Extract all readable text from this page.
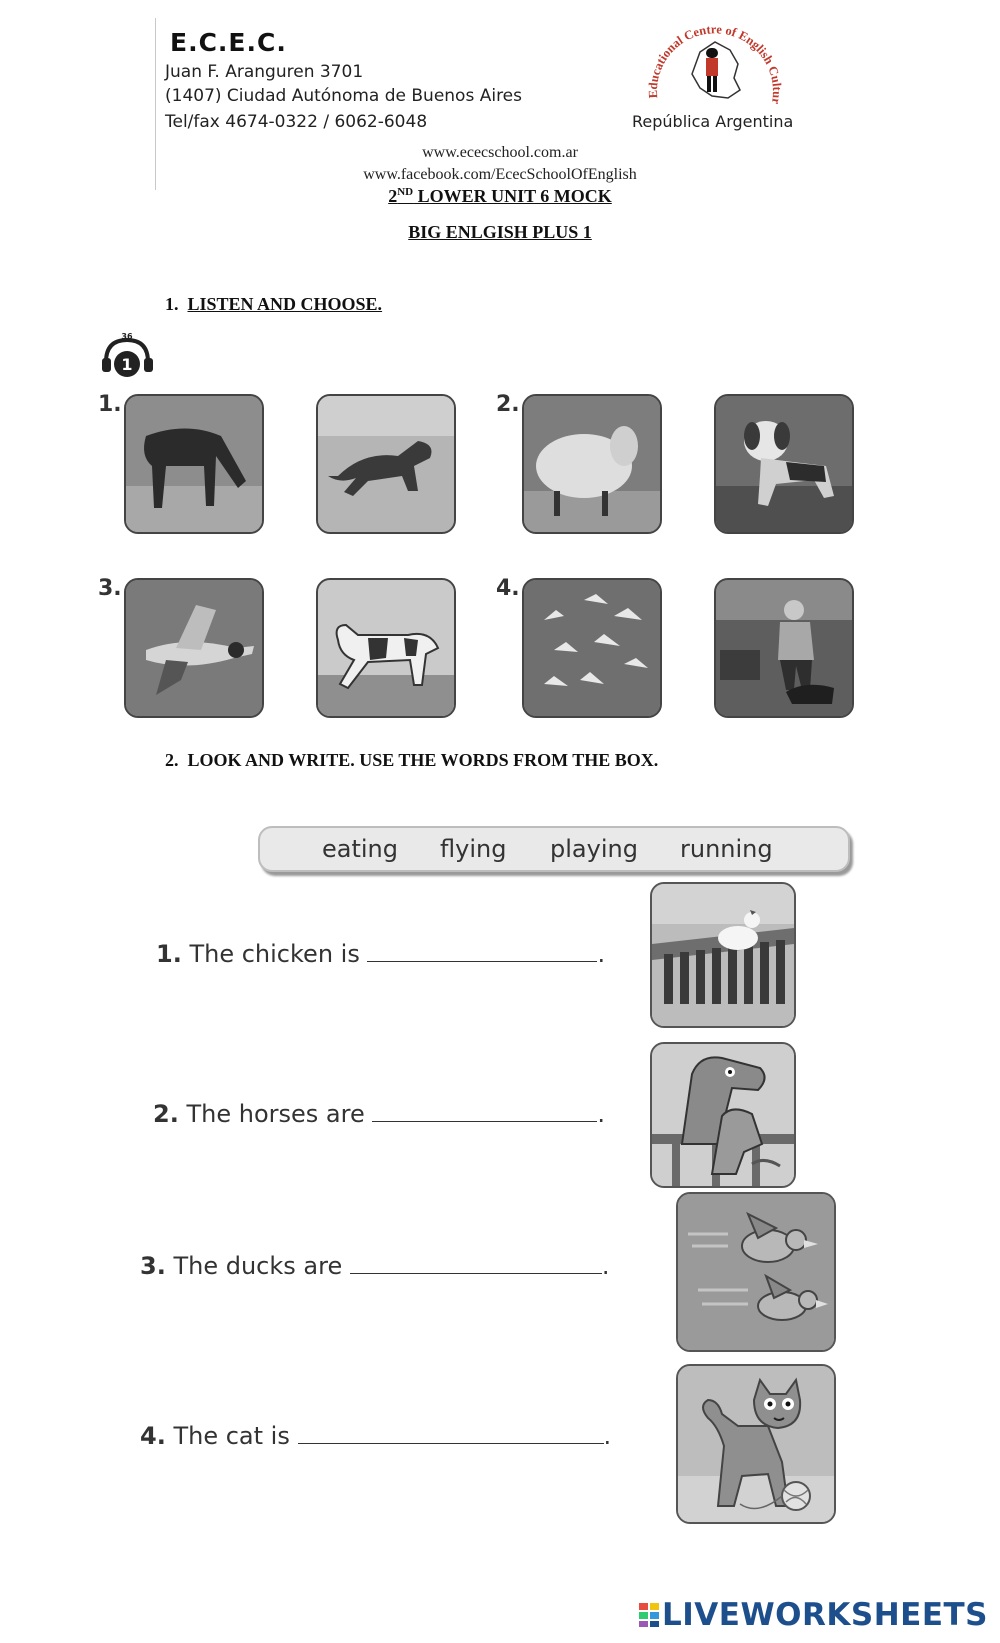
E.C.E.C.
Juan F. Aranguren 3701
(1407) Ciudad Autónoma de Buenos Aires
Tel/fax 4674-0322 / 6062-6048
www.ececschool.com.ar
www.facebook.com/EcecSchoolOfEnglish
Educational Centre of English Cultur
República Argentina
2ND LOWER UNIT 6 MOCK
BIG ENLGISH PLUS 1
1. LISTEN AND CHOOSE.
36
1
1.	2.
3.	4.
2. LOOK AND WRITE. USE THE WORDS FROM THE BOX.
eating flying playing running
1. The chicken is	.
2. The horses are	.
3. The ducks are	.
4. The cat is	.
LIVEWORKSHEETS
